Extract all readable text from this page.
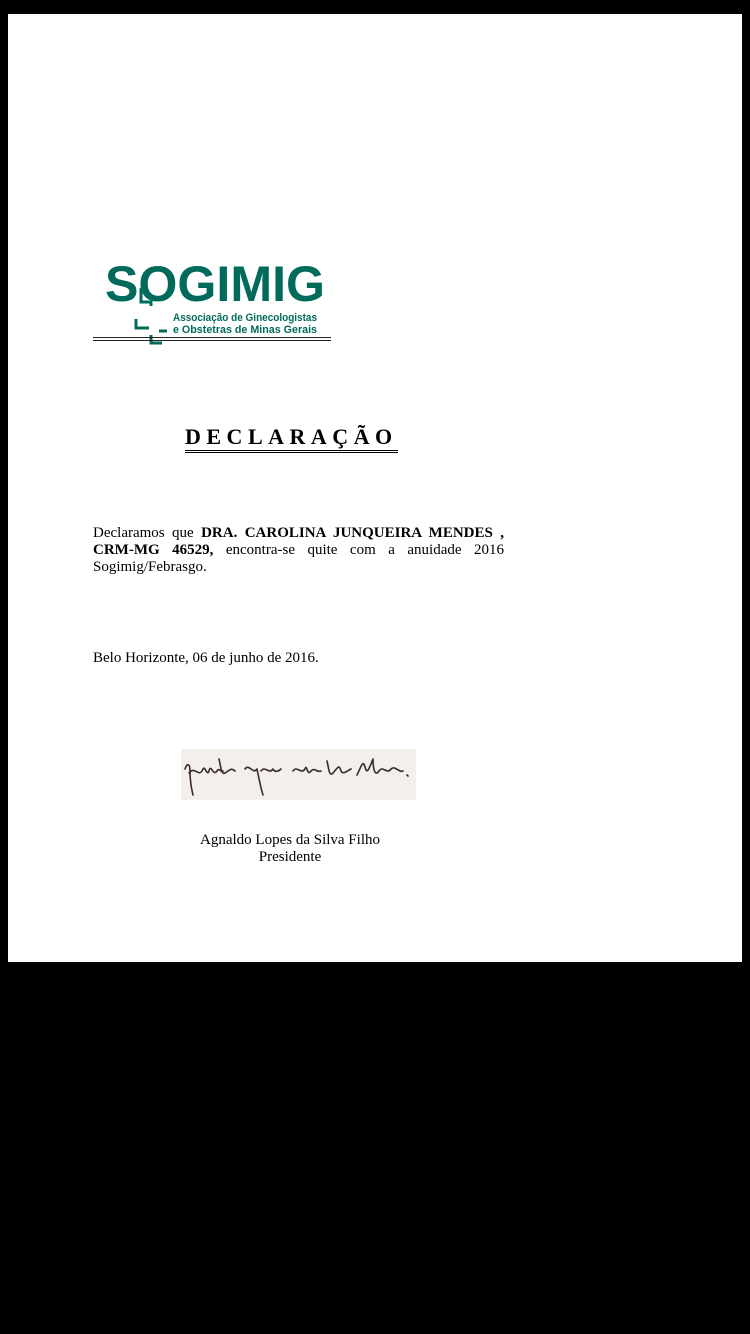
SOGIMIG
Associação de Ginecologistas
e Obstetras de Minas Gerais
DECLARAÇÃO
Declaramos que DRA. CAROLINA JUNQUEIRA MENDES , CRM-MG 46529, encontra-se quite com a anuidade 2016 Sogimig/Febrasgo.
Belo Horizonte, 06 de junho de 2016.
Agnaldo Lopes da Silva Filho
Presidente
